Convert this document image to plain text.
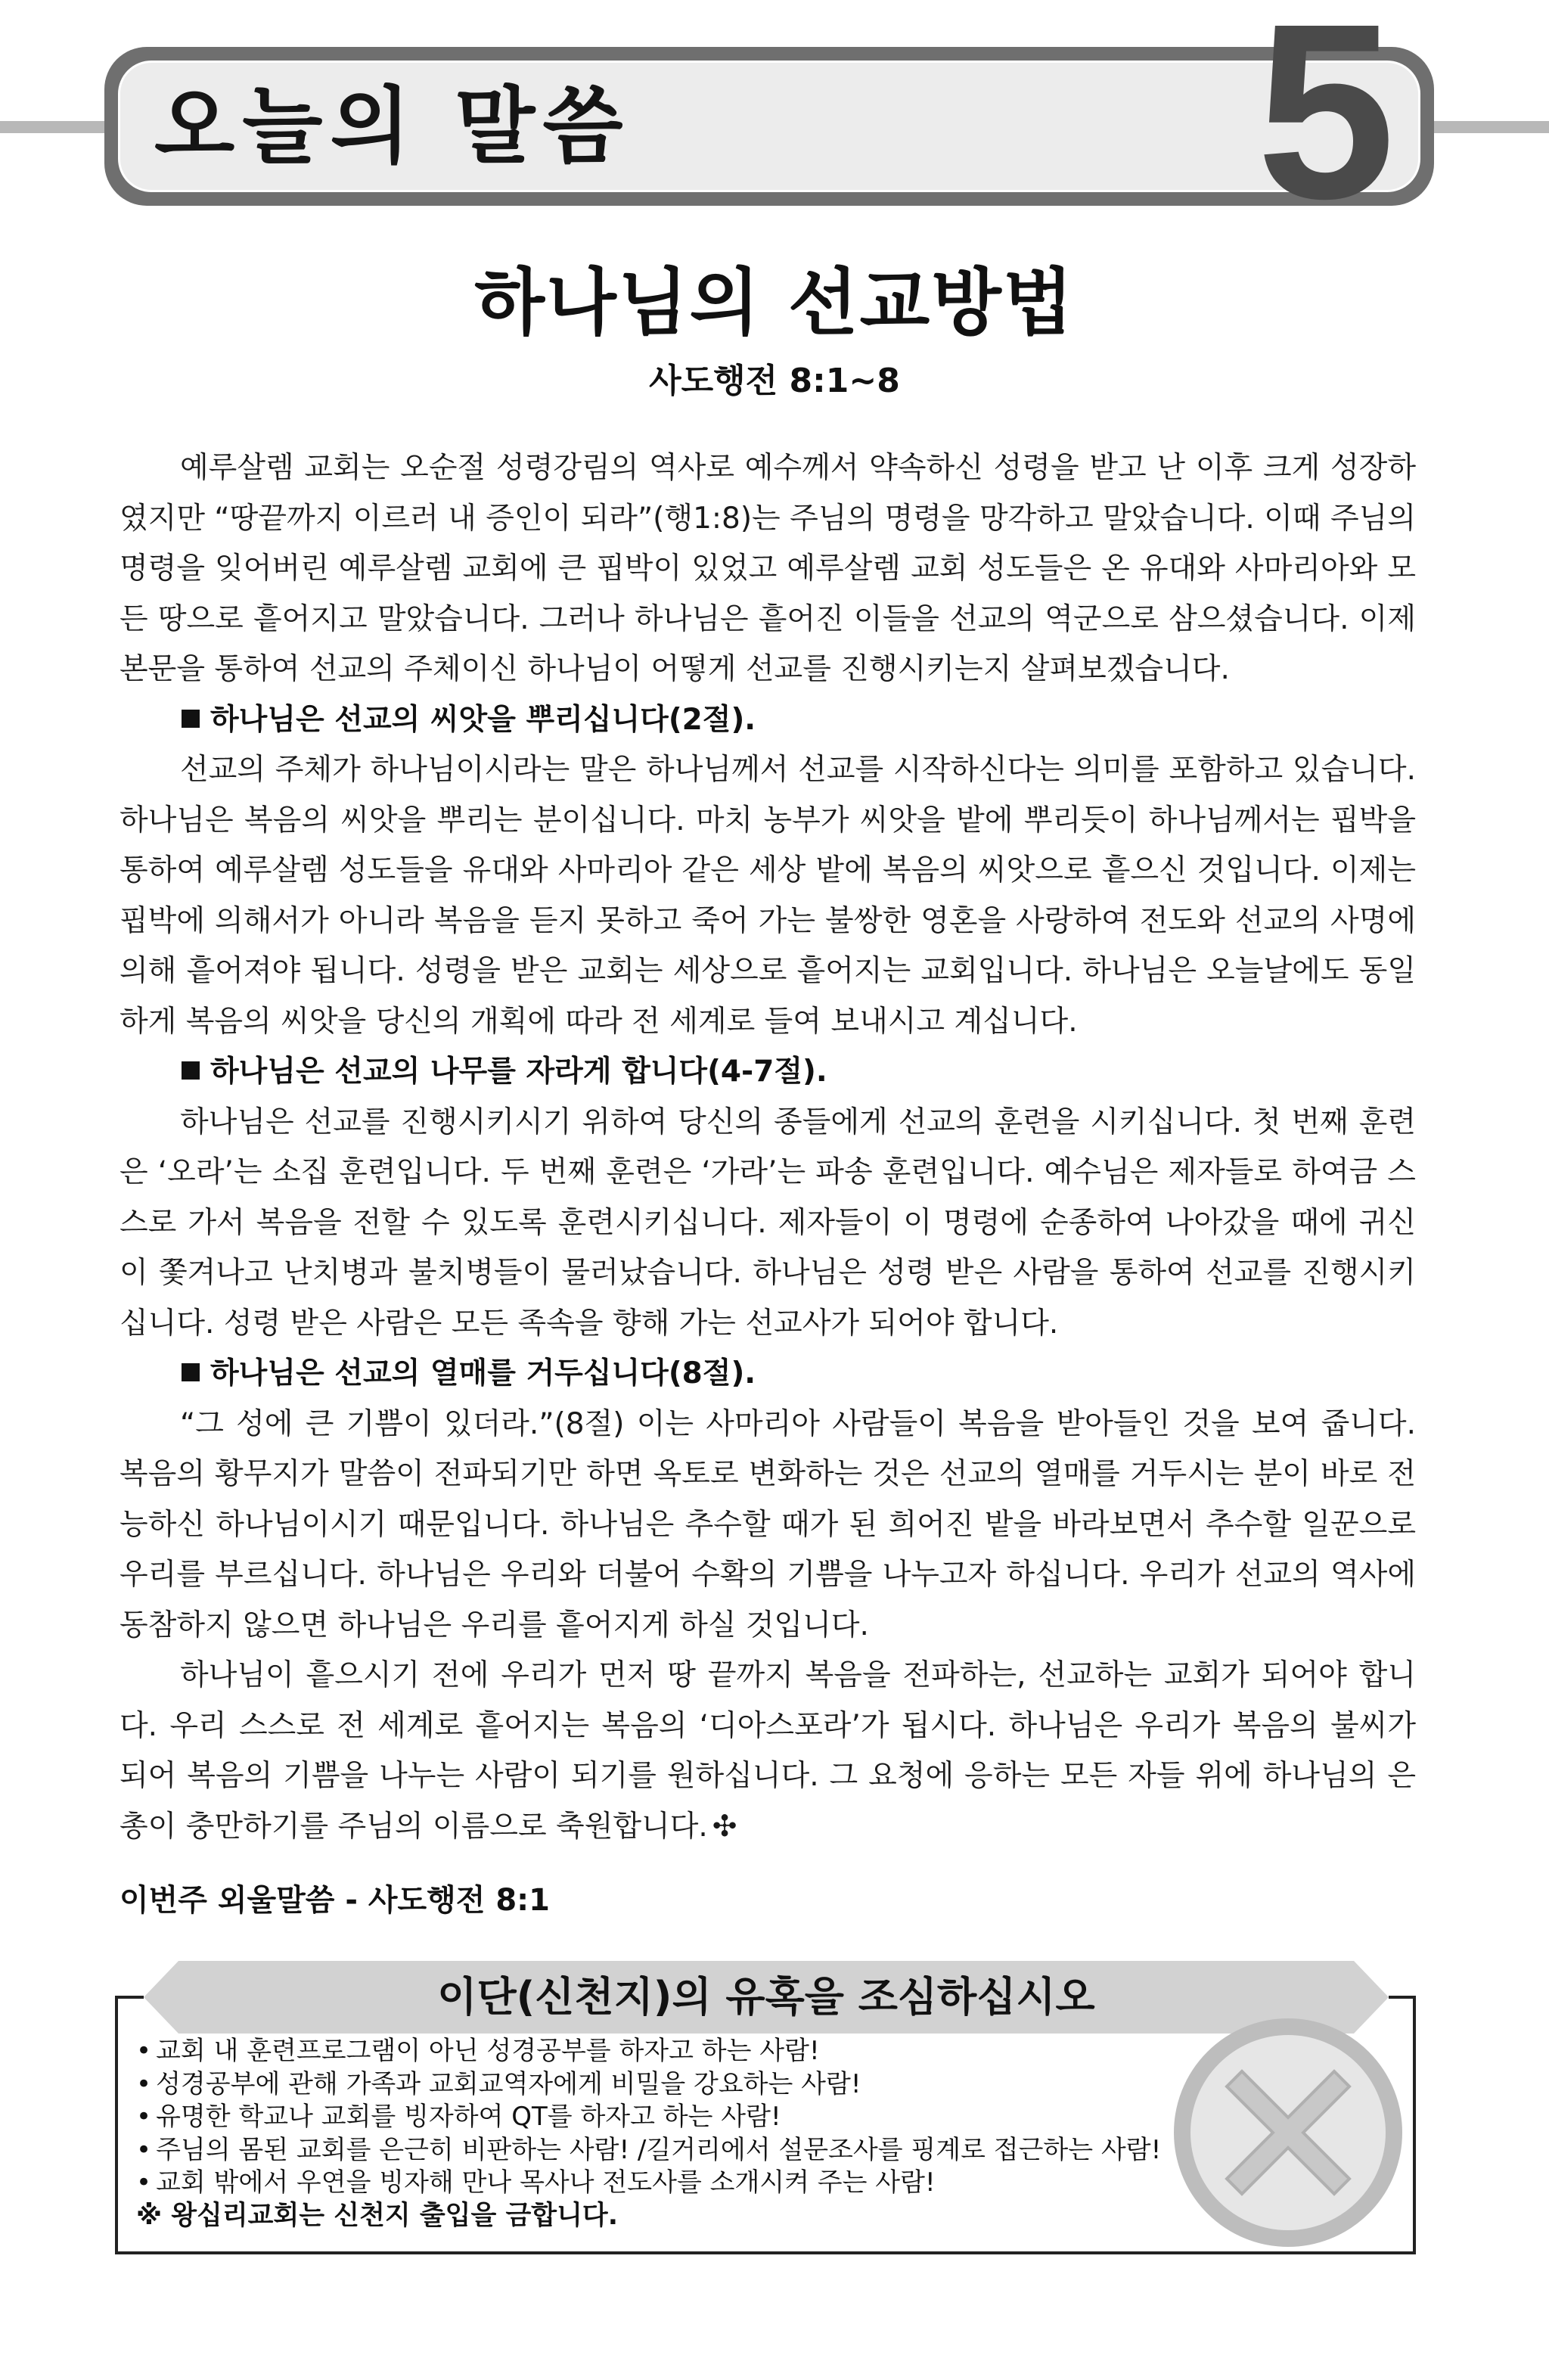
오늘의 말씀	5
하나님의 선교방법
사도행전 8:1~8

예루살렘 교회는 오순절 성령강림의 역사로 예수께서 약속하신 성령을 받고 난 이후 크게 성장하였지만 “땅끝까지 이르러 내 증인이 되라”(행1:8)는 주님의 명령을 망각하고 말았습니다. 이때 주님의 명령을 잊어버린 예루살렘 교회에 큰 핍박이 있었고 예루살렘 교회 성도들은 온 유대와 사마리아와 모든 땅으로 흩어지고 말았습니다. 그러나 하나님은 흩어진 이들을 선교의 역군으로 삼으셨습니다. 이제 본문을 통하여 선교의 주체이신 하나님이 어떻게 선교를 진행시키는지 살펴보겠습니다.

하나님은 선교의 씨앗을 뿌리십니다(2절).

선교의 주체가 하나님이시라는 말은 하나님께서 선교를 시작하신다는 의미를 포함하고 있습니다. 하나님은 복음의 씨앗을 뿌리는 분이십니다. 마치 농부가 씨앗을 밭에 뿌리듯이 하나님께서는 핍박을 통하여 예루살렘 성도들을 유대와 사마리아 같은 세상 밭에 복음의 씨앗으로 흩으신 것입니다. 이제는 핍박에 의해서가 아니라 복음을 듣지 못하고 죽어 가는 불쌍한 영혼을 사랑하여 전도와 선교의 사명에 의해 흩어져야 됩니다. 성령을 받은 교회는 세상으로 흩어지는 교회입니다. 하나님은 오늘날에도 동일하게 복음의 씨앗을 당신의 개획에 따라 전 세계로 들여 보내시고 계십니다.

하나님은 선교의 나무를 자라게 합니다(4-7절).

하나님은 선교를 진행시키시기 위하여 당신의 종들에게 선교의 훈련을 시키십니다. 첫 번째 훈련은 ‘오라’는 소집 훈련입니다. 두 번째 훈련은 ‘가라’는 파송 훈련입니다. 예수님은 제자들로 하여금 스스로 가서 복음을 전할 수 있도록 훈련시키십니다. 제자들이 이 명령에 순종하여 나아갔을 때에 귀신이 쫓겨나고 난치병과 불치병들이 물러났습니다. 하나님은 성령 받은 사람을 통하여 선교를 진행시키십니다. 성령 받은 사람은 모든 족속을 향해 가는 선교사가 되어야 합니다.

하나님은 선교의 열매를 거두십니다(8절).

“그 성에 큰 기쁨이 있더라.”(8절) 이는 사마리아 사람들이 복음을 받아들인 것을 보여 줍니다. 복음의 황무지가 말씀이 전파되기만 하면 옥토로 변화하는 것은 선교의 열매를 거두시는 분이 바로 전능하신 하나님이시기 때문입니다. 하나님은 추수할 때가 된 희어진 밭을 바라보면서 추수할 일꾼으로 우리를 부르십니다. 하나님은 우리와 더불어 수확의 기쁨을 나누고자 하십니다. 우리가 선교의 역사에 동참하지 않으면 하나님은 우리를 흩어지게 하실 것입니다.

하나님이 흩으시기 전에 우리가 먼저 땅 끝까지 복음을 전파하는, 선교하는 교회가 되어야 합니다. 우리 스스로 전 세계로 흩어지는 복음의 ‘디아스포라’가 됩시다. 하나님은 우리가 복음의 불씨가 되어 복음의 기쁨을 나누는 사람이 되기를 원하십니다. 그 요청에 응하는 모든 자들 위에 하나님의 은총이 충만하기를 주님의 이름으로 축원합니다. ✣

이번주 외울말씀 - 사도행전 8:1
이단(신천지)의 유혹을 조심하십시오
• 교회 내 훈련프로그램이 아닌 성경공부를 하자고 하는 사람!
• 성경공부에 관해 가족과 교회교역자에게 비밀을 강요하는 사람!
• 유명한 학교나 교회를 빙자하여 QT를 하자고 하는 사람!
• 주님의 몸된 교회를 은근히 비판하는 사람! /길거리에서 설문조사를 핑계로 접근하는 사람!
• 교회 밖에서 우연을 빙자해 만나 목사나 전도사를 소개시켜 주는 사람!
※ 왕십리교회는 신천지 출입을 금합니다.
